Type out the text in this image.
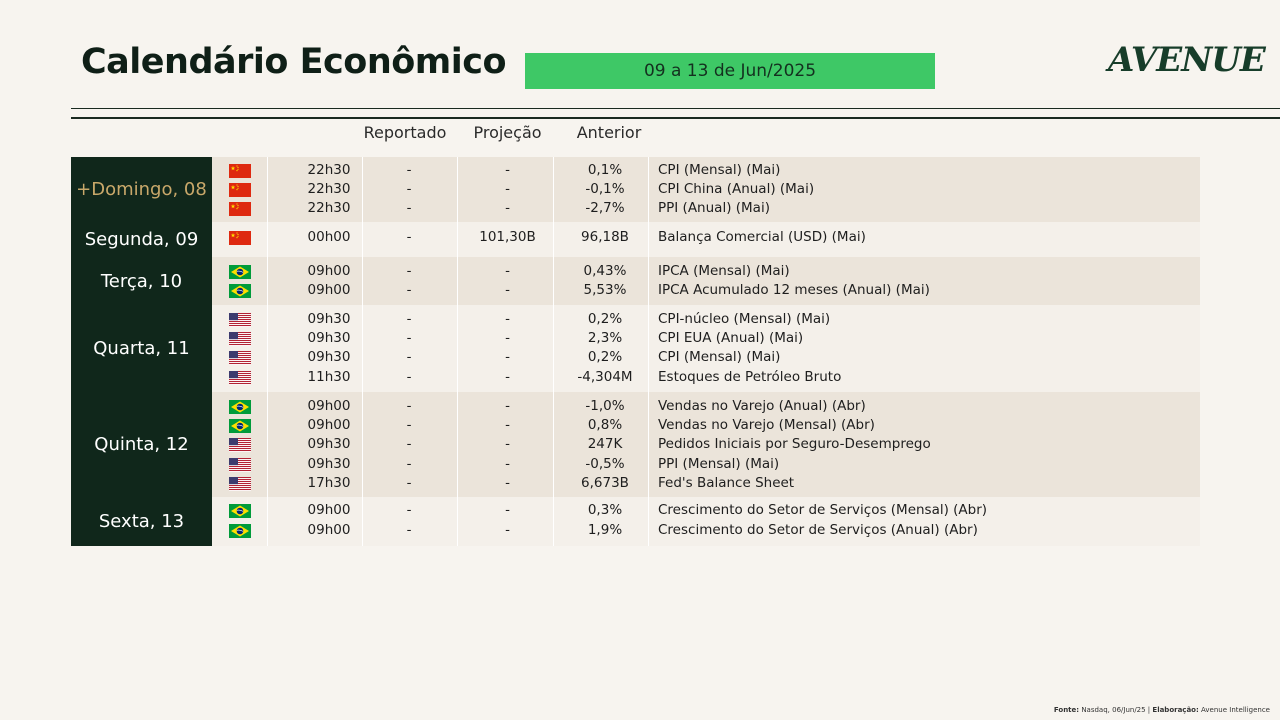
Calendário Econômico	09 a 13 de Jun/2025	AVENUE
Reportado	Projeção	Anterior
+Domingo, 08
22h30	-	-	0,1%	CPI (Mensal) (Mai)
22h30	-	-	-0,1%	CPI China (Anual) (Mai)
22h30	-	-	-2,7%	PPI (Anual) (Mai)
Segunda, 09	00h00	-	101,30B	96,18B	Balança Comercial (USD) (Mai)
Terça, 10	09h00	-	-	0,43%	IPCA (Mensal) (Mai)
09h00	-	-	5,53%	IPCA Acumulado 12 meses (Anual) (Mai)
Quarta, 11
09h30	-	-	0,2%	CPI-núcleo (Mensal) (Mai)
09h30	-	-	2,3%	CPI EUA (Anual) (Mai)
09h30	-	-	0,2%	CPI (Mensal) (Mai)
11h30	-	-	-4,304M	Estoques de Petróleo Bruto
Quinta, 12
09h00	-	-	-1,0%	Vendas no Varejo (Anual) (Abr)
09h00	-	-	0,8%	Vendas no Varejo (Mensal) (Abr)
09h30	-	-	247K	Pedidos Iniciais por Seguro-Desemprego
09h30	-	-	-0,5%	PPI (Mensal) (Mai)
17h30	-	-	6,673B	Fed's Balance Sheet
Sexta, 13
09h00	-	-	0,3%	Crescimento do Setor de Serviços (Mensal) (Abr)
09h00	-	-	1,9%	Crescimento do Setor de Serviços (Anual) (Abr)
Fonte: Nasdaq, 06/Jun/25 | Elaboração: Avenue Intelligence
